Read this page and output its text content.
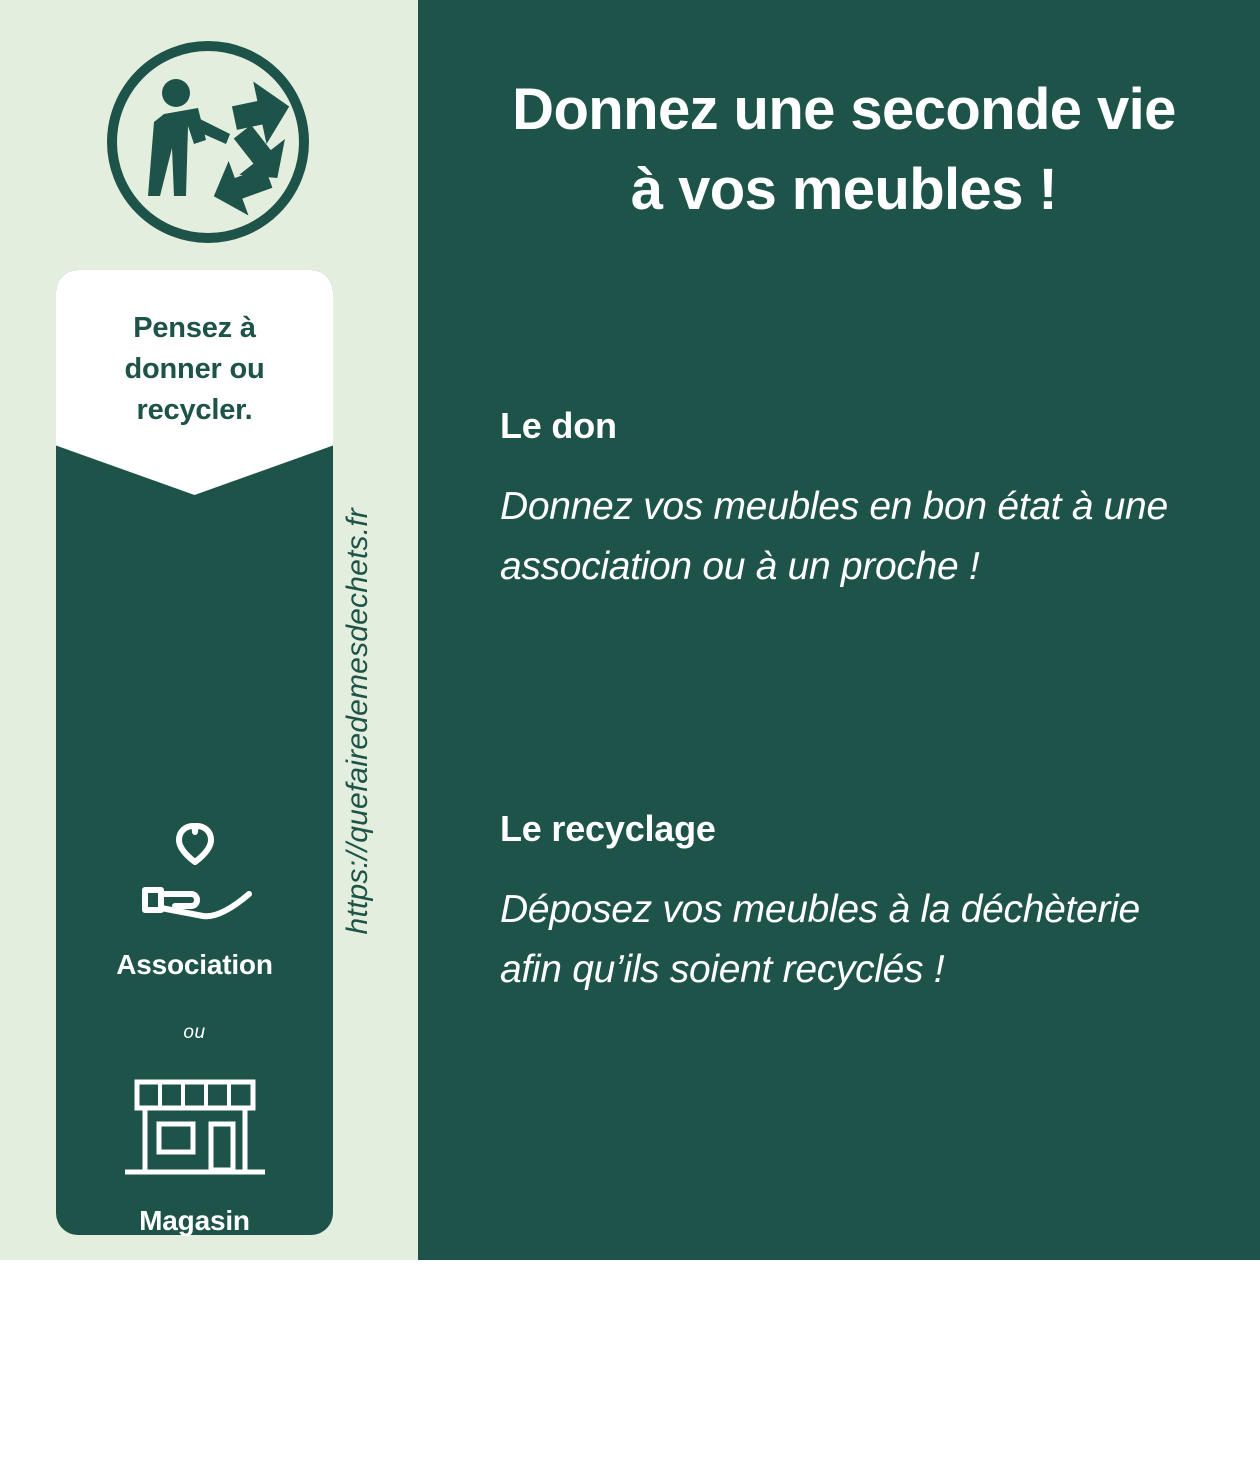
Pensez à
donner ou
recycler.
Association
ou
Magasin
ou
Déchèterie
https://quefairedemesdechets.fr
Donnez une seconde vie
à vos meubles !
Le don

Donnez vos meubles en bon état à une association ou à un proche !

Le recyclage

Déposez vos meubles à la déchèterie afin qu’ils soient recyclés !
